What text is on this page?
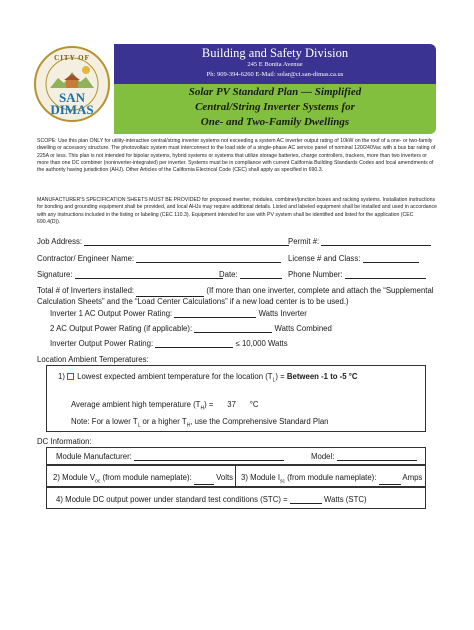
CITY OF
SAN
DIMAS
Building and Safety Division
245 E Bonita Avenue
Ph: 909-394-6260 E-Mail: solar@ci.san-dimas.ca.us
Solar PV Standard Plan — Simplified
Central/String Inverter Systems for
One- and Two-Family Dwellings
SCOPE: Use this plan ONLY for utility-interactive central/string inverter systems not exceeding a system AC inverter output rating of 10kW on the roof of a one- or two-family dwelling or accessory structure. The photovoltaic system must interconnect to the load side of a single-phase AC service panel of nominal 120/240Vac with a bus bar rating of 225A or less. This plan is not intended for bipolar systems, hybrid systems or systems that utilize storage batteries, charge controllers, trackers, more than two inverters or more than one DC combiner (noninverter-integrated) per inverter. Systems must be in compliance with current California Building Standards Codes and local amendments of the authority having jurisdiction (AHJ). Other Articles of the California Electrical Code (CEC) shall apply as specified in 690.3.
MANUFACTURER'S SPECIFICATION SHEETS MUST BE PROVIDED for proposed inverter, modules, combiner/junction boxes and racking systems. Installation instructions for bonding and grounding equipment shall be provided, and local AHJs may require additional details. Listed and labeled equipment shall be installed and used in accordance with any instructions included in the listing or labeling (CEC 110.3). Equipment intended for use with PV system shall be identified and listed for the application (CEC 690.4(D)).
Job Address:	Permit #:
Contractor/ Engineer Name:	License # and Class:
Signature:	Date:	Phone Number:
Total # of Inverters installed:	(If more than one inverter, complete and attach the “Supplemental Calculation Sheets” and the “Load Center Calculations” if a new load center is to be used.)
Inverter 1 AC Output Power Rating:	Watts Inverter
2 AC Output Power Rating (if applicable):	Watts Combined
Inverter Output Power Rating:	≤ 10,000 Watts
Location Ambient Temperatures:
1) Lowest expected ambient temperature for the location $(T_L)$ = Between -1 to -5 °C
Average ambient high temperature $(T_H) = 37$ °C
Note: For a lower $T_L$ or a higher $T_H$, use the Comprehensive Standard Plan
DC Information:
Module Manufacturer:	Model:
2) Module $V_{oc}$ (from module nameplate):	Volts 3) Module $I_{sc}$ (from module nameplate):	Amps
4) Module DC output power under standard test conditions (STC) =	Watts (STC)
